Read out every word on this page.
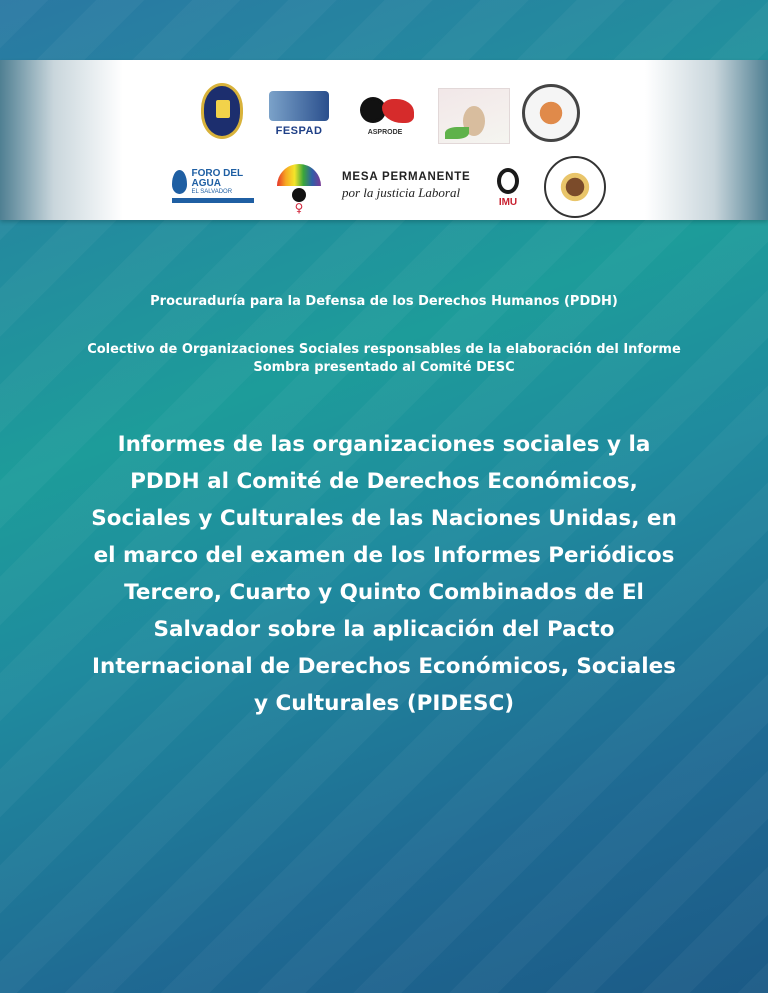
FESPAD	ASPRODE
FORO DEL AGUA
EL SALVADOR
♀
MESA PERMANENTE
por la justicia Laboral
IMU

Procuraduría para la Defensa de los Derechos Humanos (PDDH)

Colectivo de Organizaciones Sociales responsables de la elaboración del Informe Sombra presentado al Comité DESC

Informes de las organizaciones sociales y la PDDH al Comité de Derechos Económicos, Sociales y Culturales de las Naciones Unidas, en el marco del examen de los Informes Periódicos Tercero, Cuarto y Quinto Combinados de El Salvador sobre la aplicación del Pacto Internacional de Derechos Económicos, Sociales y Culturales (PIDESC)
